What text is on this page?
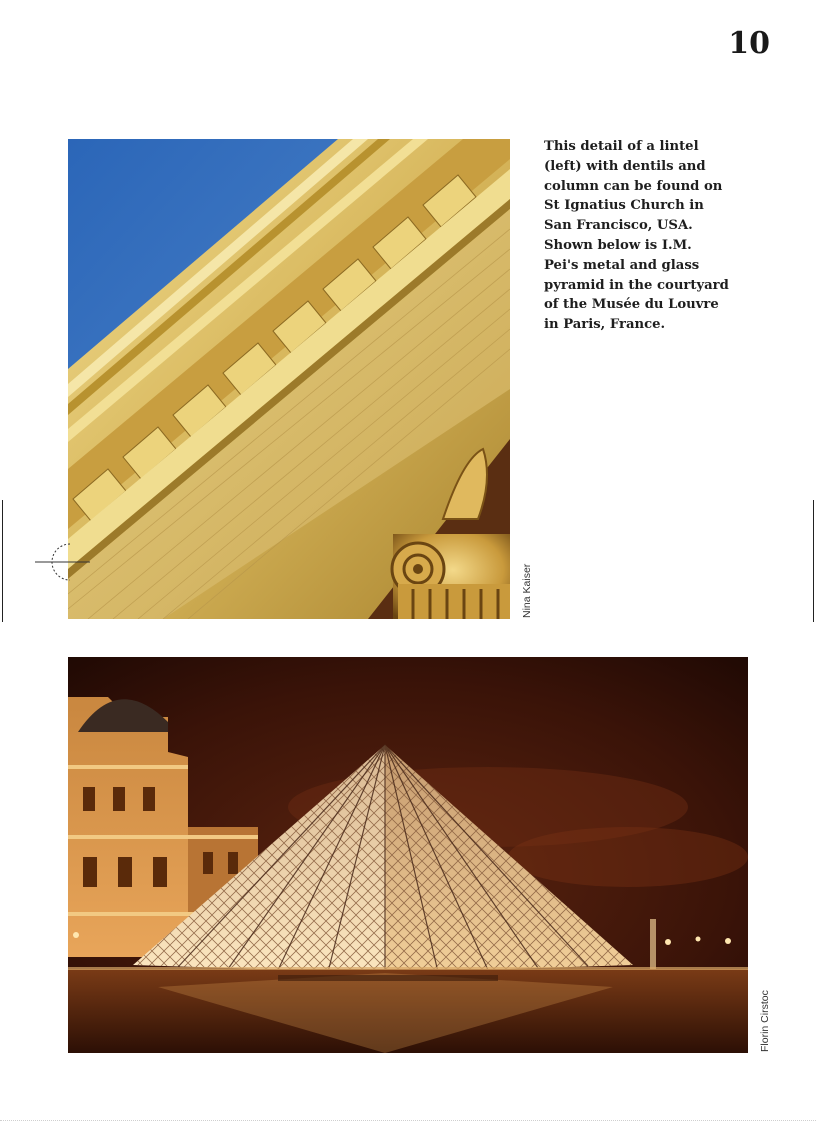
10
This detail of a lintel
(left) with dentils and
column can be found on
St Ignatius Church in
San Francisco, USA.
Shown below is I.M.
Pei's metal and glass
pyramid in the courtyard
of the Musée du Louvre
in Paris, France.
Nina Kaiser
Florin Cirstoc
